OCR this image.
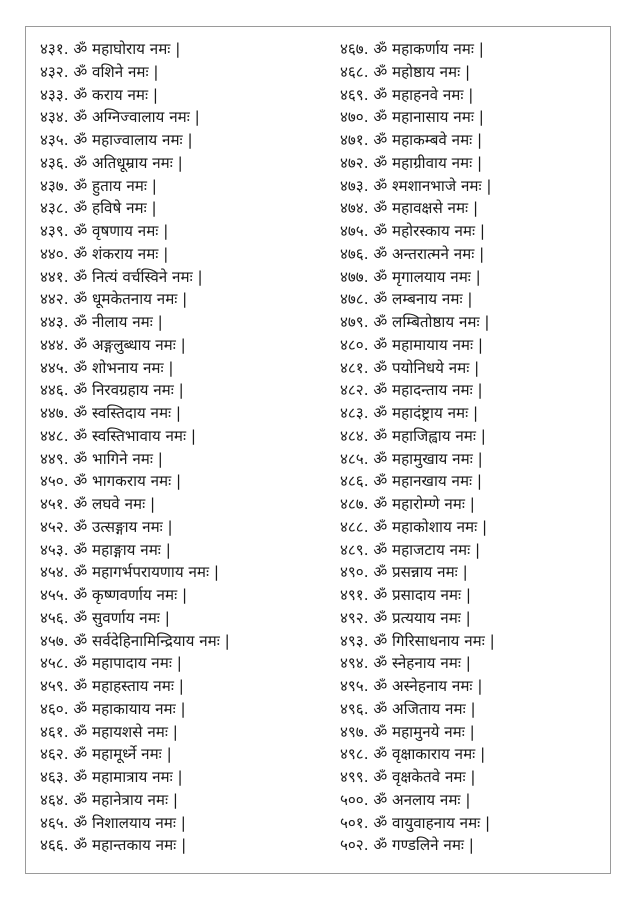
४३१. ॐ महाघोराय नमः |
४३२. ॐ वशिने नमः |
४३३. ॐ कराय नमः |
४३४. ॐ अग्निज्वालाय नमः |
४३५. ॐ महाज्वालाय नमः |
४३६. ॐ अतिधूम्राय नमः |
४३७. ॐ हुताय नमः |
४३८. ॐ हविषे नमः |
४३९. ॐ वृषणाय नमः |
४४०. ॐ शंकराय नमः |
४४१. ॐ नित्यं वर्चस्विने नमः |
४४२. ॐ धूमकेतनाय नमः |
४४३. ॐ नीलाय नमः |
४४४. ॐ अङ्गलुब्धाय नमः |
४४५. ॐ शोभनाय नमः |
४४६. ॐ निरवग्रहाय नमः |
४४७. ॐ स्वस्तिदाय नमः |
४४८. ॐ स्वस्तिभावाय नमः |
४४९. ॐ भागिने नमः |
४५०. ॐ भागकराय नमः |
४५१. ॐ लघवे नमः |
४५२. ॐ उत्सङ्गाय नमः |
४५३. ॐ महाङ्गाय नमः |
४५४. ॐ महागर्भपरायणाय नमः |
४५५. ॐ कृष्णवर्णाय नमः |
४५६. ॐ सुवर्णाय नमः |
४५७. ॐ सर्वदेहिनामिन्द्रियाय नमः |
४५८. ॐ महापादाय नमः |
४५९. ॐ महाहस्ताय नमः |
४६०. ॐ महाकायाय नमः |
४६१. ॐ महायशसे नमः |
४६२. ॐ महामूर्ध्ने नमः |
४६३. ॐ महामात्राय नमः |
४६४. ॐ महानेत्राय नमः |
४६५. ॐ निशालयाय नमः |
४६६. ॐ महान्तकाय नमः |
४६७. ॐ महाकर्णाय नमः |
४६८. ॐ महोष्ठाय नमः |
४६९. ॐ महाहनवे नमः |
४७०. ॐ महानासाय नमः |
४७१. ॐ महाकम्बवे नमः |
४७२. ॐ महाग्रीवाय नमः |
४७३. ॐ श्मशानभाजे नमः |
४७४. ॐ महावक्षसे नमः |
४७५. ॐ महोरस्काय नमः |
४७६. ॐ अन्तरात्मने नमः |
४७७. ॐ मृगालयाय नमः |
४७८. ॐ लम्बनाय नमः |
४७९. ॐ लम्बितोष्ठाय नमः |
४८०. ॐ महामायाय नमः |
४८१. ॐ पयोनिधये नमः |
४८२. ॐ महादन्ताय नमः |
४८३. ॐ महादंष्ट्राय नमः |
४८४. ॐ महाजिह्वाय नमः |
४८५. ॐ महामुखाय नमः |
४८६. ॐ महानखाय नमः |
४८७. ॐ महारोम्णे नमः |
४८८. ॐ महाकोशाय नमः |
४८९. ॐ महाजटाय नमः |
४९०. ॐ प्रसन्नाय नमः |
४९१. ॐ प्रसादाय नमः |
४९२. ॐ प्रत्ययाय नमः |
४९३. ॐ गिरिसाधनाय नमः |
४९४. ॐ स्नेहनाय नमः |
४९५. ॐ अस्नेहनाय नमः |
४९६. ॐ अजिताय नमः |
४९७. ॐ महामुनये नमः |
४९८. ॐ वृक्षाकाराय नमः |
४९९. ॐ वृक्षकेतवे नमः |
५००. ॐ अनलाय नमः |
५०१. ॐ वायुवाहनाय नमः |
५०२. ॐ गण्डलिने नमः |
